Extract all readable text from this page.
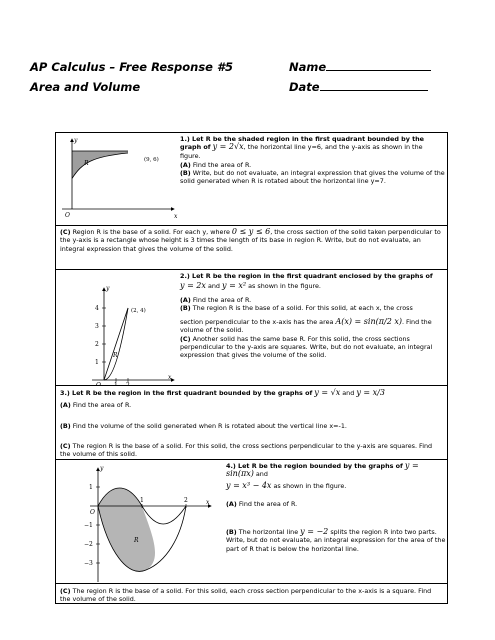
AP Calculus – Free Response #5
Area and Volume
Name
Date
y
x
O
R	(9, 6)
1.) Let R be the shaded region in the first quadrant bounded by the graph of y = 2√x, the horizontal line y=6, and the y-axis as shown in the figure.
(A) Find the area of R.
(B) Write, but do not evaluate, an integral expression that gives the volume of the solid generated when R is rotated about the horizontal line y=7.
(C) Region R is the base of a solid. For each y, where 0 ≤ y ≤ 6, the cross section of the solid taken perpendicular to the y-axis is a rectangle whose height is 3 times the length of its base in region R. Write, but do not evaluate, an integral expression that gives the volume of the solid.
4
3
2
1
1 2
y
x
O
R
(2, 4)
2.) Let R be the region in the first quadrant enclosed by the graphs of
y = 2x and y = x² as shown in the figure.
(A) Find the area of R.
(B) The region R is the base of a solid. For this solid, at each x, the cross
section perpendicular to the x-axis has the area A(x) = sin(π/2 x). Find the volume of the solid.
(C) Another solid has the same base R. For this solid, the cross sections perpendicular to the y-axis are squares. Write, but do not evaluate, an integral expression that gives the volume of the solid.
3.) Let R be the region in the first quadrant bounded by the graphs of y = √x and y = x/3
(A) Find the area of R.
(B) Find the volume of the solid generated when R is rotated about the vertical line x=-1.
(C) The region R is the base of a solid. For this solid, the cross sections perpendicular to the y-axis are squares. Find the volume of this solid.
1
−1
−2
−3
1	2
y
x
O
R
4.) Let R be the region bounded by the graphs of y = sin(πx) and
y = x³ − 4x as shown in the figure.
(A) Find the area of R.
(B) The horizontal line y = −2 splits the region R into two parts. Write, but do not evaluate, an integral expression for the area of the part of R that is below the horizontal line.
(C) The region R is the base of a solid. For this solid, each cross section perpendicular to the x-axis is a square. Find the volume of the solid.
